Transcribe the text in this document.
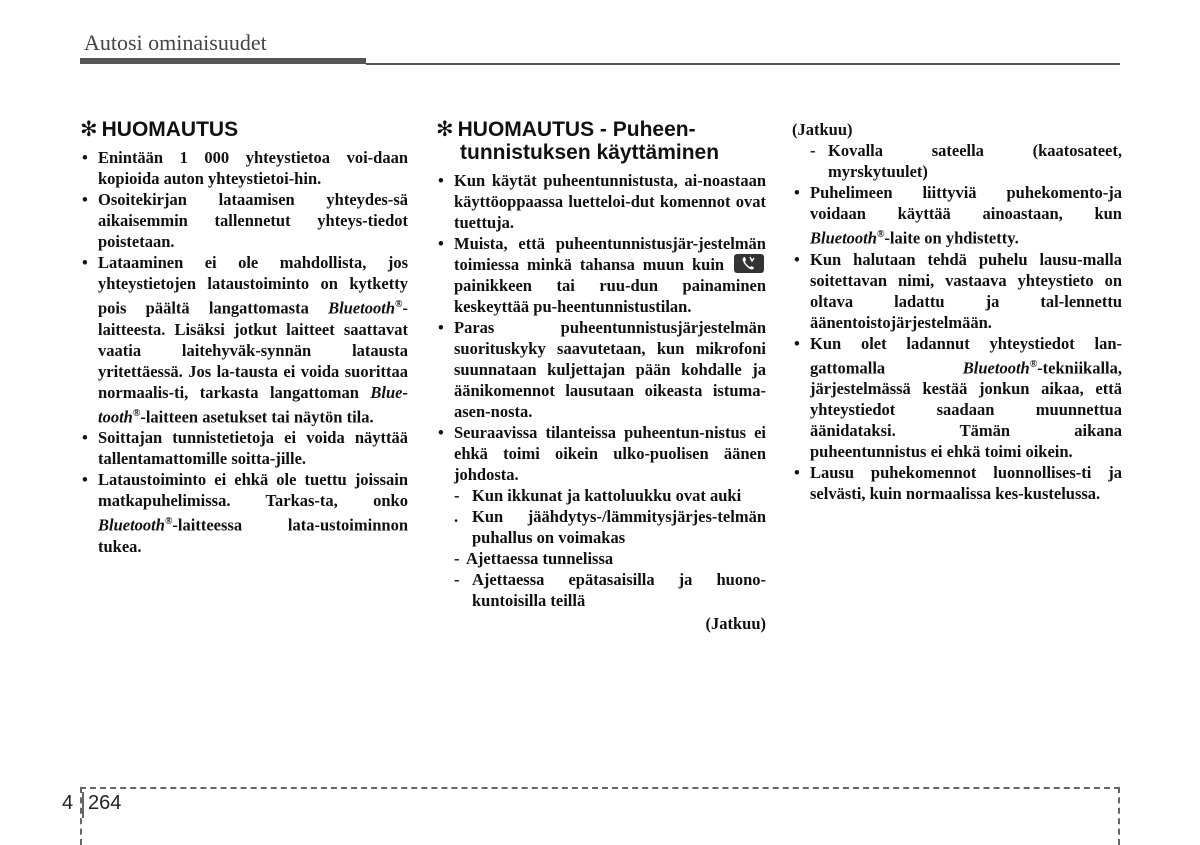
Autosi ominaisuudet
✻ HUOMAUTUS
• Enintään 1 000 yhteystietoa voi-daan kopioida auton yhteystietoi-hin.
• Osoitekirjan lataamisen yhteydes-sä aikaisemmin tallennetut yhteys-tiedot poistetaan.
• Lataaminen ei ole mahdollista, jos yhteystietojen lataustoiminto on kytketty pois päältä langattomasta Bluetooth®-laitteesta. Lisäksi jotkut laitteet saattavat vaatia laitehyväk-synnän latausta yritettäessä. Jos la-tausta ei voida suorittaa normaalis-ti, tarkasta langattoman Blue-tooth®-laitteen asetukset tai näytön tila.
• Soittajan tunnistetietoja ei voida näyttää tallentamattomille soitta-jille.
• Lataustoiminto ei ehkä ole tuettu joissain matkapuhelimissa. Tarkas-ta, onko Bluetooth®-laitteessa lata-ustoiminnon tukea.
✻ HUOMAUTUS - Puheen-
tunnistuksen käyttäminen
• Kun käytät puheentunnistusta, ai-noastaan käyttöoppaassa luetteloi-dut komennot ovat tuettuja.
• Muista, että puheentunnistusjär-jestelmän toimiessa minkä tahansa muun kuin
painikkeen tai ruu-dun painaminen keskeyttää pu-heentunnistustilan.
• Paras puheentunnistusjärjestelmän suorituskyky saavutetaan, kun mikrofoni suunnataan kuljettajan pään kohdalle ja äänikomennot lausutaan oikeasta istuma-asen-nosta.
• Seuraavissa tilanteissa puheentun-nistus ei ehkä toimi oikein ulko-puolisen äänen johdosta.
- Kun ikkunat ja kattoluukku ovat auki
. Kun jäähdytys-/lämmitysjärjes-telmän puhallus on voimakas
- Ajettaessa tunnelissa
- Ajettaessa epätasaisilla ja huono-kuntoisilla teillä
(Jatkuu)
(Jatkuu)
- Kovalla sateella (kaatosateet, myrskytuulet)
• Puhelimeen liittyviä puhekomento-ja voidaan käyttää ainoastaan, kun Bluetooth®-laite on yhdistetty.
• Kun halutaan tehdä puhelu lausu-malla soitettavan nimi, vastaava yhteystieto on oltava ladattu ja tal-lennettu äänentoistojärjestelmään.
• Kun olet ladannut yhteystiedot lan-gattomalla Bluetooth®-tekniikalla, järjestelmässä kestää jonkun aikaa, että yhteystiedot saadaan muunnettua äänidataksi. Tämän aikana puheentunnistus ei ehkä toimi oikein.
• Lausu puhekomennot luonnollises-ti ja selvästi, kuin normaalissa kes-kustelussa.
4 264
